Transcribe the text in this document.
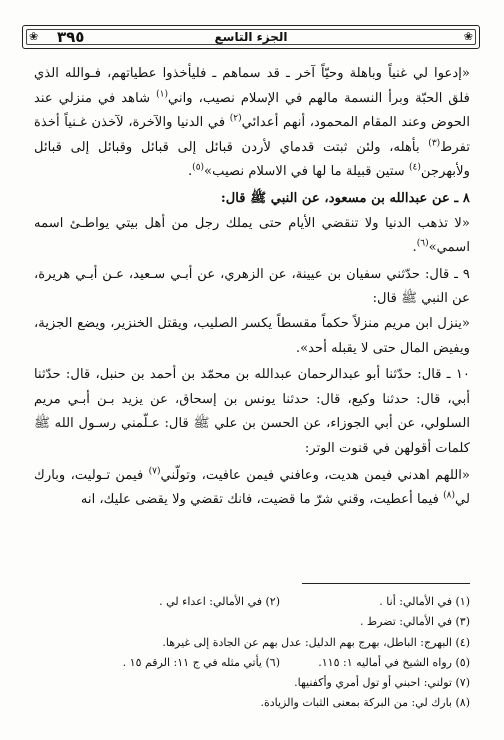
❀	❀
الجزء التاسع
٣٩٥

«إدعوا لي غنياً وباهلة وحيّاً آخر ـ قد سماهم ـ فليأخذوا عطياتهم، فـوالله الذي فلق الحبّة وبرأ النسمة مالهم في الإسلام نصيب، واني$^{(١)}$ شاهد في منزلي عند الحوض وعند المقام المحمود، أنهم أعدائي$^{(٢)}$ في الدنيا والآخرة، لآخذن غـنياً أخذة تفرط$^{(٣)}$ بأهله، ولئن ثبتت قدماي لأردن قبائل إلى قبائل وقبائل إلى قبائل ولأبهرجن$^{(٤)}$ ستين قبيلة ما لها في الاسلام نصيب»$^{(٥)}$.

٨ ـ عن عبدالله بن مسعود، عن النبي ﷺ قال:

«لا تذهب الدنيا ولا تنقضي الأيام حتى يملك رجل من أهل بيتي يواطـئ اسمه اسمي»$^{(٦)}$.

٩ ـ قال: حدّثني سفيان بن عيينة، عن الزهري، عن أبـي سـعيد، عـن أبـي هريرة، عن النبي ﷺ قال:

«ينزل ابن مريم منزلاً حكماً مقسطاً يكسر الصليب، ويقتل الخنزير، ويضع الجزية، ويفيض المال حتى لا يقبله أحد».

١٠ ـ قال: حدّثنا أبو عبدالرحمان عبدالله بن محمّد بن أحمد بن حنبل، قال: حدّثنا أبي، قال: حدثنا وكيع، قال: حدثنا يونس بن إسحاق، عن يزيد بـن أبـي مريم السلولي، عن أبي الجوزاء، عن الحسن بن علي ﷺ قال: عـلّمني رسـول الله ﷺ كلمات أقولهن في قنوت الوتر:

«اللهم اهدني فيمن هديت، وعافني فيمن عافيت، وتولّني$^{(٧)}$ فيمن تـوليت، وبارك لي$^{(٨)}$ فيما أعطيت، وقني شرّ ما قضيت، فانك تقضي ولا يقضى عليك، انه

(١) في الأمالي: أنا .
(٢) في الأمالي: اعداء لي .
(٣) في الأمالي: تضرط .
(٤) البهرج: الباطل، بهرج بهم الدليل: عدل بهم عن الجادة إلى غيرها.
(٥) رواه الشيخ في أماليه ١: ١١٥.
(٦) يأتي مثله في ج ١١: الرقم ١٥ .
(٧) تولني: احبني أو تول أمري وأكفنيها.
(٨) بارك لي: من البركة بمعنى الثبات والزيادة.
